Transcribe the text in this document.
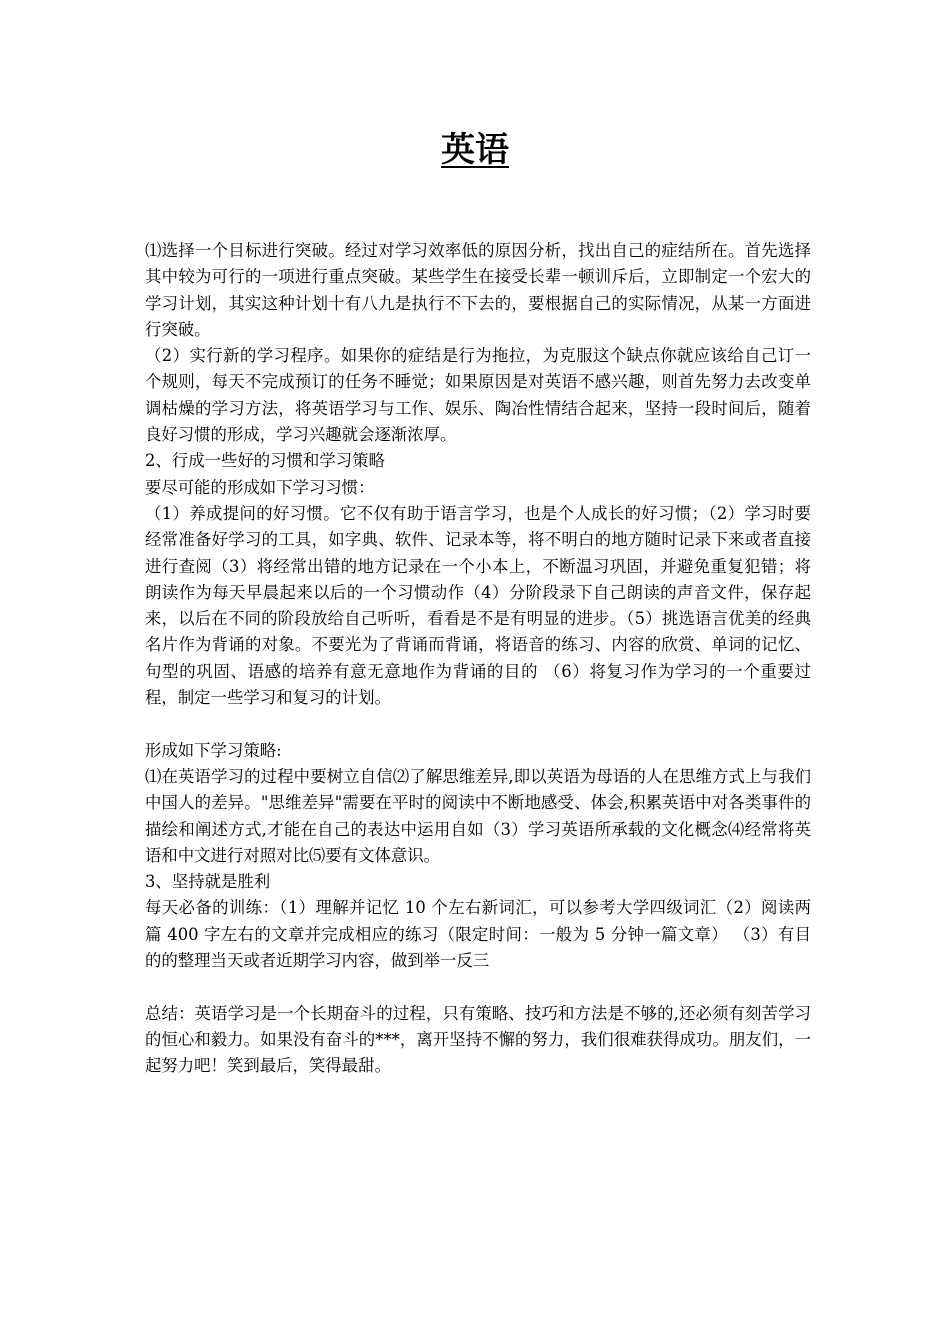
英语

⑴选择一个目标进行突破。经过对学习效率低的原因分析，找出自己的症结所在。首先选择其中较为可行的一项进行重点突破。某些学生在接受长辈一顿训斥后，立即制定一个宏大的学习计划，其实这种计划十有八九是执行不下去的，要根据自己的实际情况，从某一方面进行突破。

（2）实行新的学习程序。如果你的症结是行为拖拉，为克服这个缺点你就应该给自己订一个规则，每天不完成预订的任务不睡觉；如果原因是对英语不感兴趣，则首先努力去改变单调枯燥的学习方法，将英语学习与工作、娱乐、陶冶性情结合起来，坚持一段时间后，随着良好习惯的形成，学习兴趣就会逐渐浓厚。

2、行成一些好的习惯和学习策略

要尽可能的形成如下学习习惯：

（1）养成提问的好习惯。它不仅有助于语言学习，也是个人成长的好习惯；（2）学习时要经常准备好学习的工具，如字典、软件、记录本等，将不明白的地方随时记录下来或者直接进行查阅（3）将经常出错的地方记录在一个小本上，不断温习巩固，并避免重复犯错；将朗读作为每天早晨起来以后的一个习惯动作（4）分阶段录下自己朗读的声音文件，保存起来，以后在不同的阶段放给自己听听，看看是不是有明显的进步。（5）挑选语言优美的经典名片作为背诵的对象。不要光为了背诵而背诵，将语音的练习、内容的欣赏、单词的记忆、句型的巩固、语感的培养有意无意地作为背诵的目的 （6）将复习作为学习的一个重要过程，制定一些学习和复习的计划。

形成如下学习策略:

⑴在英语学习的过程中要树立自信⑵了解思维差异,即以英语为母语的人在思维方式上与我们中国人的差异。"思维差异"需要在平时的阅读中不断地感受、体会,积累英语中对各类事件的描绘和阐述方式,才能在自己的表达中运用自如（3）学习英语所承载的文化概念⑷经常将英语和中文进行对照对比⑸要有文体意识。

3、坚持就是胜利

每天必备的训练：（1）理解并记忆 10 个左右新词汇，可以参考大学四级词汇（2）阅读两篇 400 字左右的文章并完成相应的练习（限定时间：一般为 5 分钟一篇文章） （3）有目的的整理当天或者近期学习内容，做到举一反三

总结：英语学习是一个长期奋斗的过程，只有策略、技巧和方法是不够的,还必须有刻苦学习的恒心和毅力。如果没有奋斗的***，离开坚持不懈的努力，我们很难获得成功。朋友们，一起努力吧！笑到最后，笑得最甜。
